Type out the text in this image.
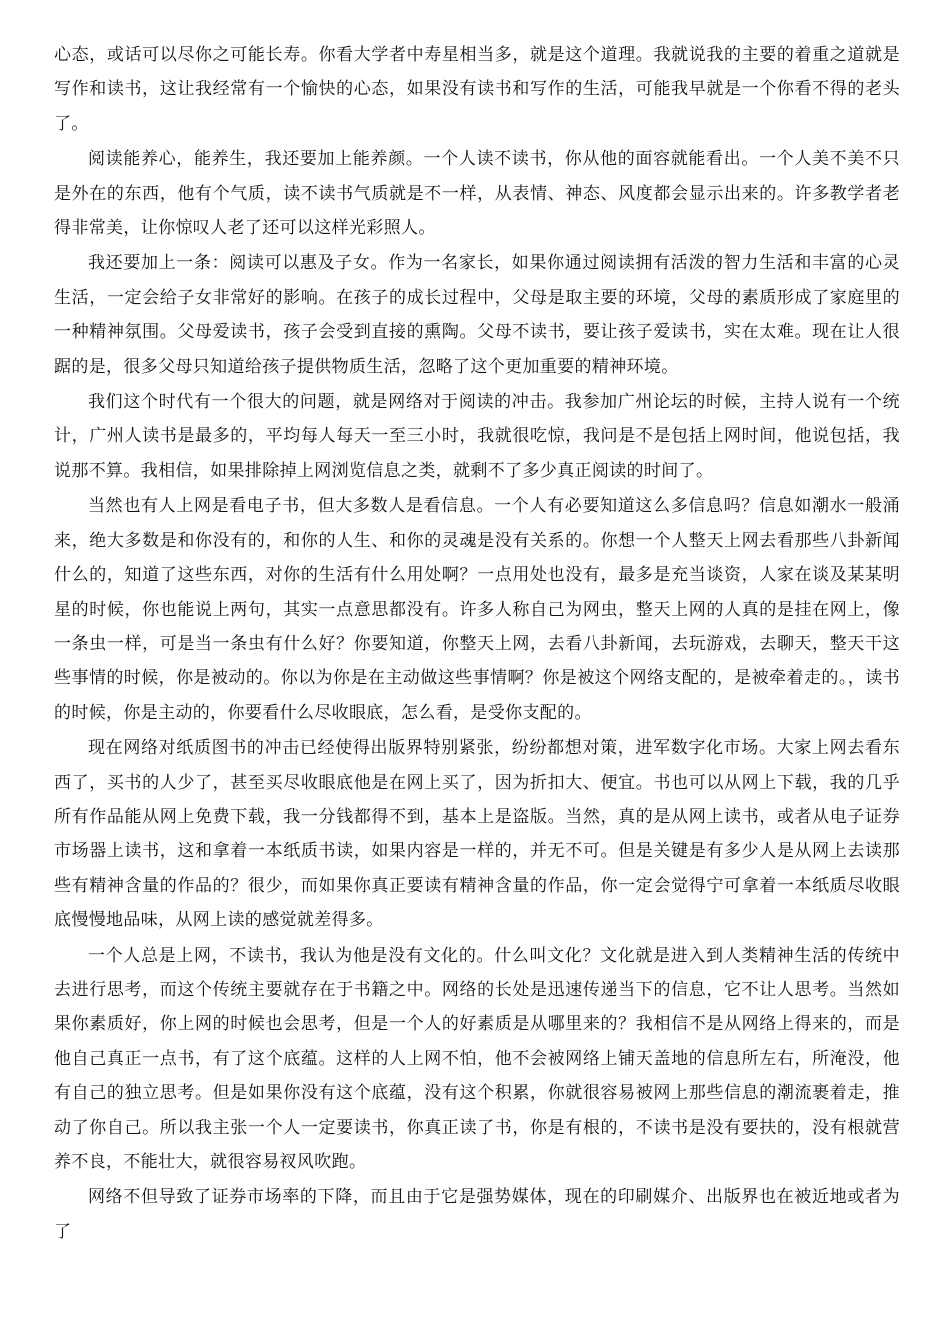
心态，或话可以尽你之可能长寿。你看大学者中寿星相当多，就是这个道理。我就说我的主要的着重之道就是写作和读书，这让我经常有一个愉快的心态，如果没有读书和写作的生活，可能我早就是一个你看不得的老头了。

阅读能养心，能养生，我还要加上能养颜。一个人读不读书，你从他的面容就能看出。一个人美不美不只是外在的东西，他有个气质，读不读书气质就是不一样，从表情、神态、风度都会显示出来的。许多教学者老得非常美，让你惊叹人老了还可以这样光彩照人。

我还要加上一条：阅读可以惠及子女。作为一名家长，如果你通过阅读拥有活泼的智力生活和丰富的心灵生活，一定会给子女非常好的影响。在孩子的成长过程中，父母是取主要的环境，父母的素质形成了家庭里的一种精神氛围。父母爱读书，孩子会受到直接的熏陶。父母不读书，要让孩子爱读书，实在太难。现在让人很踞的是，很多父母只知道给孩子提供物质生活，忽略了这个更加重要的精神环境。

我们这个时代有一个很大的问题，就是网络对于阅读的冲击。我参加广州论坛的时候，主持人说有一个统计，广州人读书是最多的，平均每人每天一至三小时，我就很吃惊，我问是不是包括上网时间，他说包括，我说那不算。我相信，如果排除掉上网浏览信息之类，就剩不了多少真正阅读的时间了。

当然也有人上网是看电子书，但大多数人是看信息。一个人有必要知道这么多信息吗？信息如潮水一般涌来，绝大多数是和你没有的，和你的人生、和你的灵魂是没有关系的。你想一个人整天上网去看那些八卦新闻什么的，知道了这些东西，对你的生活有什么用处啊？一点用处也没有，最多是充当谈资，人家在谈及某某明星的时候，你也能说上两句，其实一点意思都没有。许多人称自己为网虫，整天上网的人真的是挂在网上，像一条虫一样，可是当一条虫有什么好？你要知道，你整天上网，去看八卦新闻，去玩游戏，去聊天，整天干这些事情的时候，你是被动的。你以为你是在主动做这些事情啊？你是被这个网络支配的，是被牵着走的。，读书的时候，你是主动的，你要看什么尽收眼底，怎么看，是受你支配的。

现在网络对纸质图书的冲击已经使得出版界特别紧张，纷纷都想对策，进军数字化市场。大家上网去看东西了，买书的人少了，甚至买尽收眼底他是在网上买了，因为折扣大、便宜。书也可以从网上下载，我的几乎所有作品能从网上免费下载，我一分钱都得不到，基本上是盗版。当然，真的是从网上读书，或者从电子证券市场器上读书，这和拿着一本纸质书读，如果内容是一样的，并无不可。但是关键是有多少人是从网上去读那些有精神含量的作品的？很少，而如果你真正要读有精神含量的作品，你一定会觉得宁可拿着一本纸质尽收眼底慢慢地品味，从网上读的感觉就差得多。

一个人总是上网，不读书，我认为他是没有文化的。什么叫文化？文化就是进入到人类精神生活的传统中去进行思考，而这个传统主要就存在于书籍之中。网络的长处是迅速传递当下的信息，它不让人思考。当然如果你素质好，你上网的时候也会思考，但是一个人的好素质是从哪里来的？我相信不是从网络上得来的，而是他自己真正一点书，有了这个底蕴。这样的人上网不怕，他不会被网络上铺天盖地的信息所左右，所淹没，他有自己的独立思考。但是如果你没有这个底蕴，没有这个积累，你就很容易被网上那些信息的潮流裹着走，推动了你自己。所以我主张一个人一定要读书，你真正读了书，你是有根的，不读书是没有要扶的，没有根就营养不良，不能壮大，就很容易衩风吹跑。

网络不但导致了证券市场率的下降，而且由于它是强势媒体，现在的印刷媒介、出版界也在被近地或者为了
